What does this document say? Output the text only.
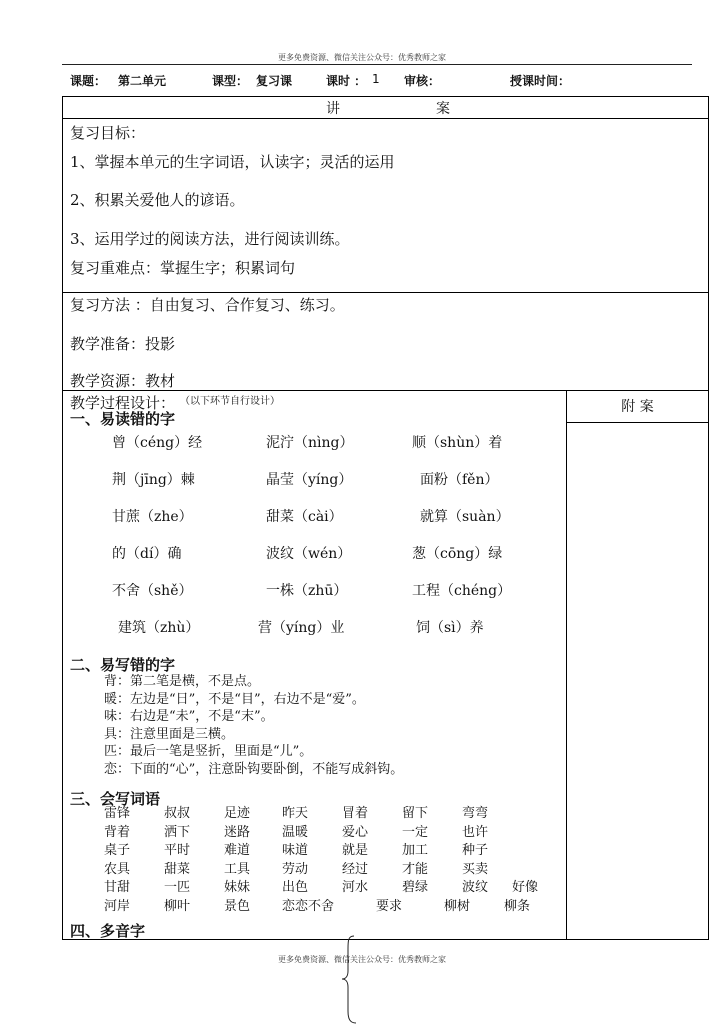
更多免费资源、微信关注公众号：优秀教师之家
课题： 第二单元	课型： 复习课	课时 ： 1 审核：	授课时间：
讲	案
复习目标：
1、掌握本单元的生字词语，认读字；灵活的运用
2、积累关爱他人的谚语。
3、运用学过的阅读方法，进行阅读训练。
复习重难点：掌握生字；积累词句
复习方法 ：自由复习、合作复习、练习。
教学准备：投影
教学资源：教材
教学过程设计： （以下环节自行设计）	附 案
一、易读错的字
曾（céng）经	泥泞（nìng）	顺（shùn）着
荆（jīng）棘	晶莹（yíng）	面粉（fěn）
甘蔗（zhe）	甜菜（cài）	就算（suàn）
的（dí）确	波纹（wén）	葱（cōng）绿
不舍（shě）	一株（zhū）	工程（chéng）
建筑（zhù）	营（yíng）业	饲（sì）养
二、易写错的字
背：第二笔是横，不是点。
暖：左边是“日”，不是“目”，右边不是“爱”。
味：右边是“未”，不是“末”。
具：注意里面是三横。
匹：最后一笔是竖折，里面是“儿”。
恋：下面的“心”，注意卧钩要卧倒，不能写成斜钩。
三、会写词语
雷锋	叔叔	足迹 昨天	冒着	留下	弯弯
背着	洒下	迷路 温暖	爱心	一定	也许
桌子	平时	难道 味道	就是	加工	种子
农具	甜菜	工具 劳动	经过	才能	买卖
甘甜	一匹	妹妹 出色	河水	碧绿	波纹 好像
河岸	柳叶	景色 恋恋不舍	要求	柳树	柳条
四、多音字
更多免费资源、微信关注公众号：优秀教师之家
